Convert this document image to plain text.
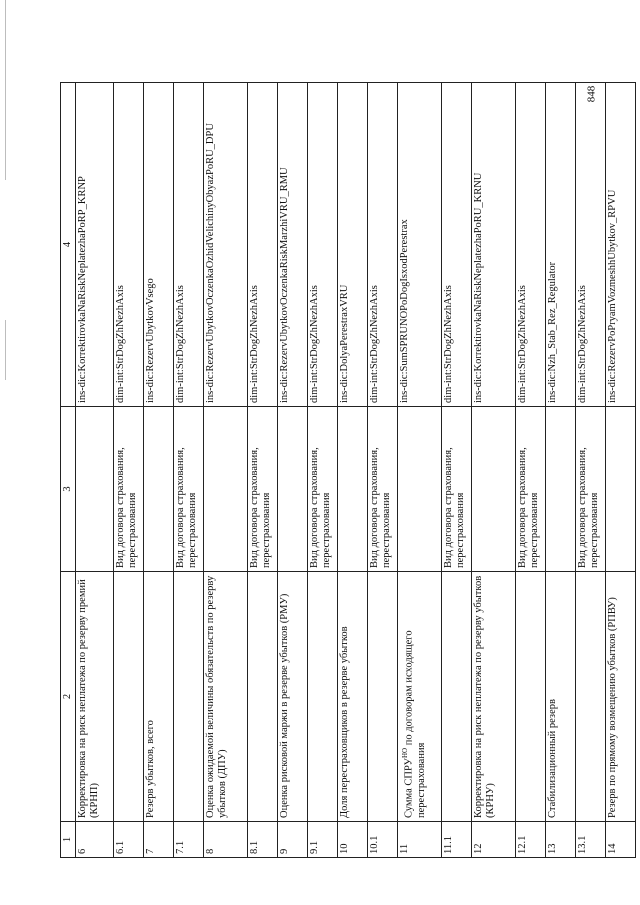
848
1	2	3	4
6	Корректировка на риск неплатежа по резерву премий (КРНП)		ins-dic:KorrektirovkaNaRiskNeplatezhaPoRP_KRNP
6.1		Вид договора страхования, перестрахования	dim-int:StrDogZhNezhAxis
7	Резерв убытков, всего		ins-dic:RezervUbytkovVsego
7.1		Вид договора страхования, перестрахования	dim-int:StrDogZhNezhAxis
8	Оценка ожидаемой величины обязательств по резерву убытков (ДПУ)		ins-dic:RezervUbytkovOczenkaOzhidVelichinyObyazPoRU_DPU
8.1		Вид договора страхования, перестрахования	dim-int:StrDogZhNezhAxis
9	Оценка рисковой маржи в резерве убытков (РМУ)		ins-dic:RezervUbytkovOczenkaRiskMarzhiVRU_RMU
9.1		Вид договора страхования, перестрахования	dim-int:StrDogZhNezhAxis
10	Доля перестраховщиков в резерве убытков		ins-dic:DolyaPerestraxVRU
10.1		Вид договора страхования, перестрахования	dim-int:StrDogZhNezhAxis
11	Сумма $СПРУ^{НО}$ по договорам исходящего перестрахования		ins-dic:SumSPRUNOPoDogIsxodPerestrax
11.1		Вид договора страхования, перестрахования	dim-int:StrDogZhNezhAxis
12	Корректировка на риск неплатежа по резерву убытков (КРНУ)		ins-dic:KorrektirovkaNaRiskNeplatezhaPoRU_KRNU
12.1		Вид договора страхования, перестрахования	dim-int:StrDogZhNezhAxis
13	Стабилизационный резерв		ins-dic:Nzh_Stab_Rez_Regulator
13.1		Вид договора страхования, перестрахования	dim-int:StrDogZhNezhAxis
14	Резерв по прямому возмещению убытков (РПВУ)		ins-dic:RezervPoPryamVozmeshhUbytkov_RPVU
